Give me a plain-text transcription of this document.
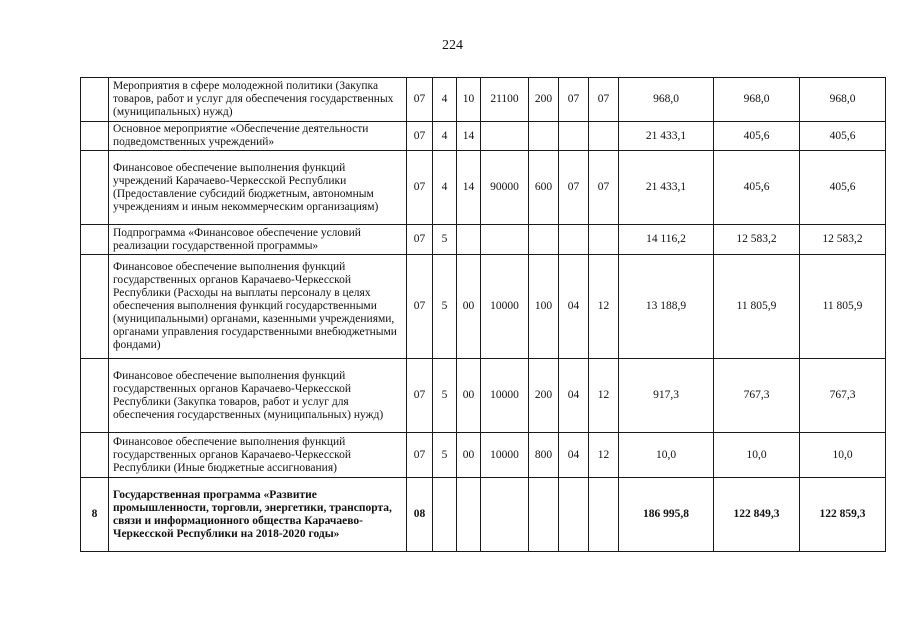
224
	Мероприятия в сфере молодежной политики (Закупка товаров, работ и услуг для обеспечения государственных (муниципальных) нужд)	07	4	10	21100	200	07	07	968,0	968,0	968,0
	Основное мероприятие «Обеспечение деятельности подведомственных учреждений»	07	4	14					21 433,1	405,6	405,6
	Финансовое обеспечение выполнения функций учреждений Карачаево-Черкесской Республики (Предоставление субсидий бюджетным, автономным учреждениям и иным некоммерческим организациям)	07	4	14	90000	600	07	07	21 433,1	405,6	405,6
	Подпрограмма «Финансовое обеспечение условий реализации государственной программы»	07	5						14 116,2	12 583,2	12 583,2
	Финансовое обеспечение выполнения функций государственных органов Карачаево-Черкесской Республики (Расходы на выплаты персоналу в целях обеспечения выполнения функций государственными (муниципальными) органами, казенными учреждениями, органами управления государственными внебюджетными фондами)	07	5	00	10000	100	04	12	13 188,9	11 805,9	11 805,9
	Финансовое обеспечение выполнения функций государственных органов Карачаево-Черкесской Республики (Закупка товаров, работ и услуг для обеспечения государственных (муниципальных) нужд)	07	5	00	10000	200	04	12	917,3	767,3	767,3
	Финансовое обеспечение выполнения функций государственных органов Карачаево-Черкесской Республики (Иные бюджетные ассигнования)	07	5	00	10000	800	04	12	10,0	10,0	10,0
8	Государственная программа «Развитие промышленности, торговли, энергетики, транспорта, связи и информационного общества Карачаево-Черкесской Республики на 2018-2020 годы»	08							186 995,8	122 849,3	122 859,3
